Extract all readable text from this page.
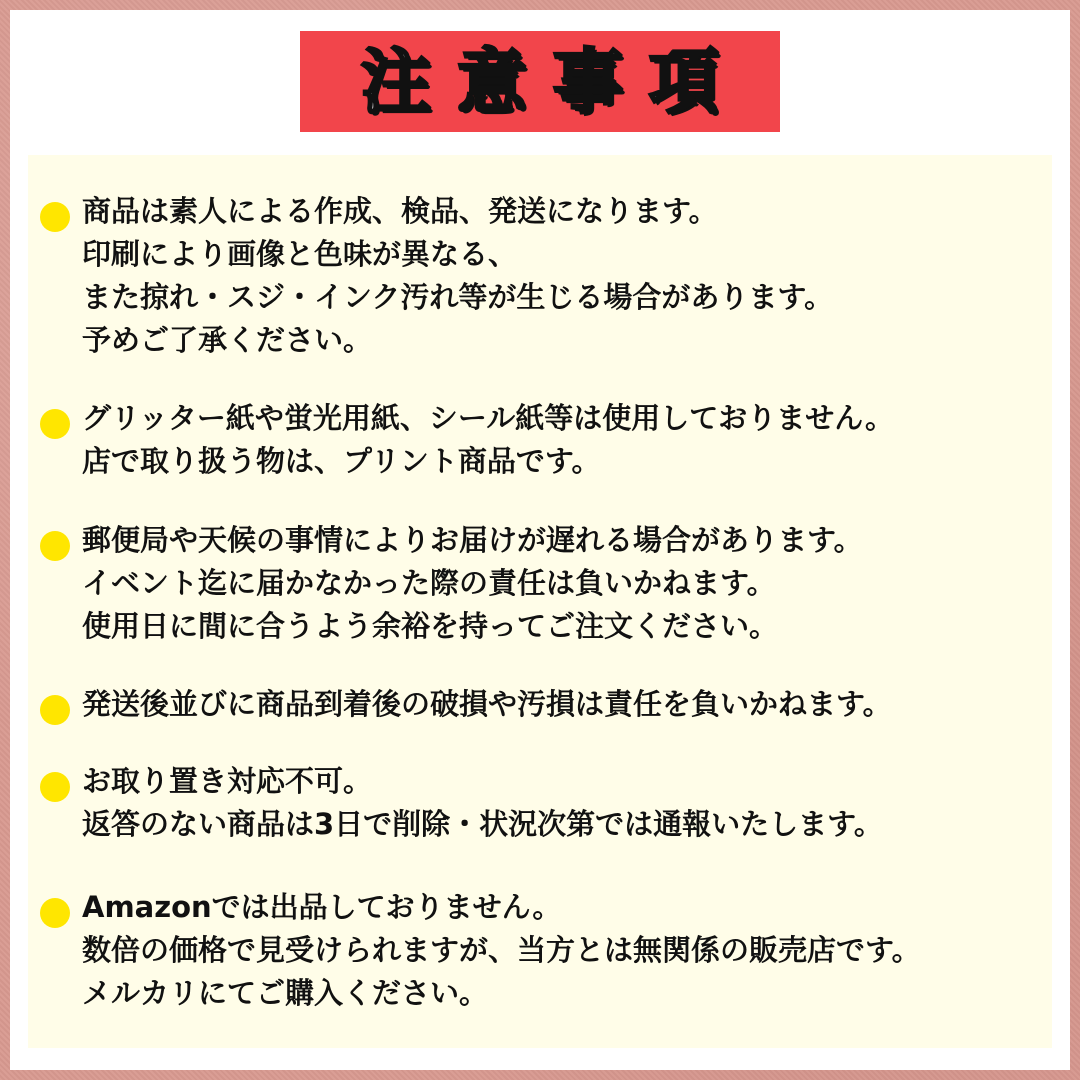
注意事項
商品は素人による作成、検品、発送になります。
印刷により画像と色味が異なる、
また掠れ・スジ・インク汚れ等が生じる場合があります。
予めご了承ください。
グリッター紙や蛍光用紙、シール紙等は使用しておりません。
店で取り扱う物は、プリント商品です。
郵便局や天候の事情によりお届けが遅れる場合があります。
イベント迄に届かなかった際の責任は負いかねます。
使用日に間に合うよう余裕を持ってご注文ください。
発送後並びに商品到着後の破損や汚損は責任を負いかねます。
お取り置き対応不可。
返答のない商品は3日で削除・状況次第では通報いたします。
Amazonでは出品しておりません。
数倍の価格で見受けられますが、当方とは無関係の販売店です。
メルカリにてご購入ください。
